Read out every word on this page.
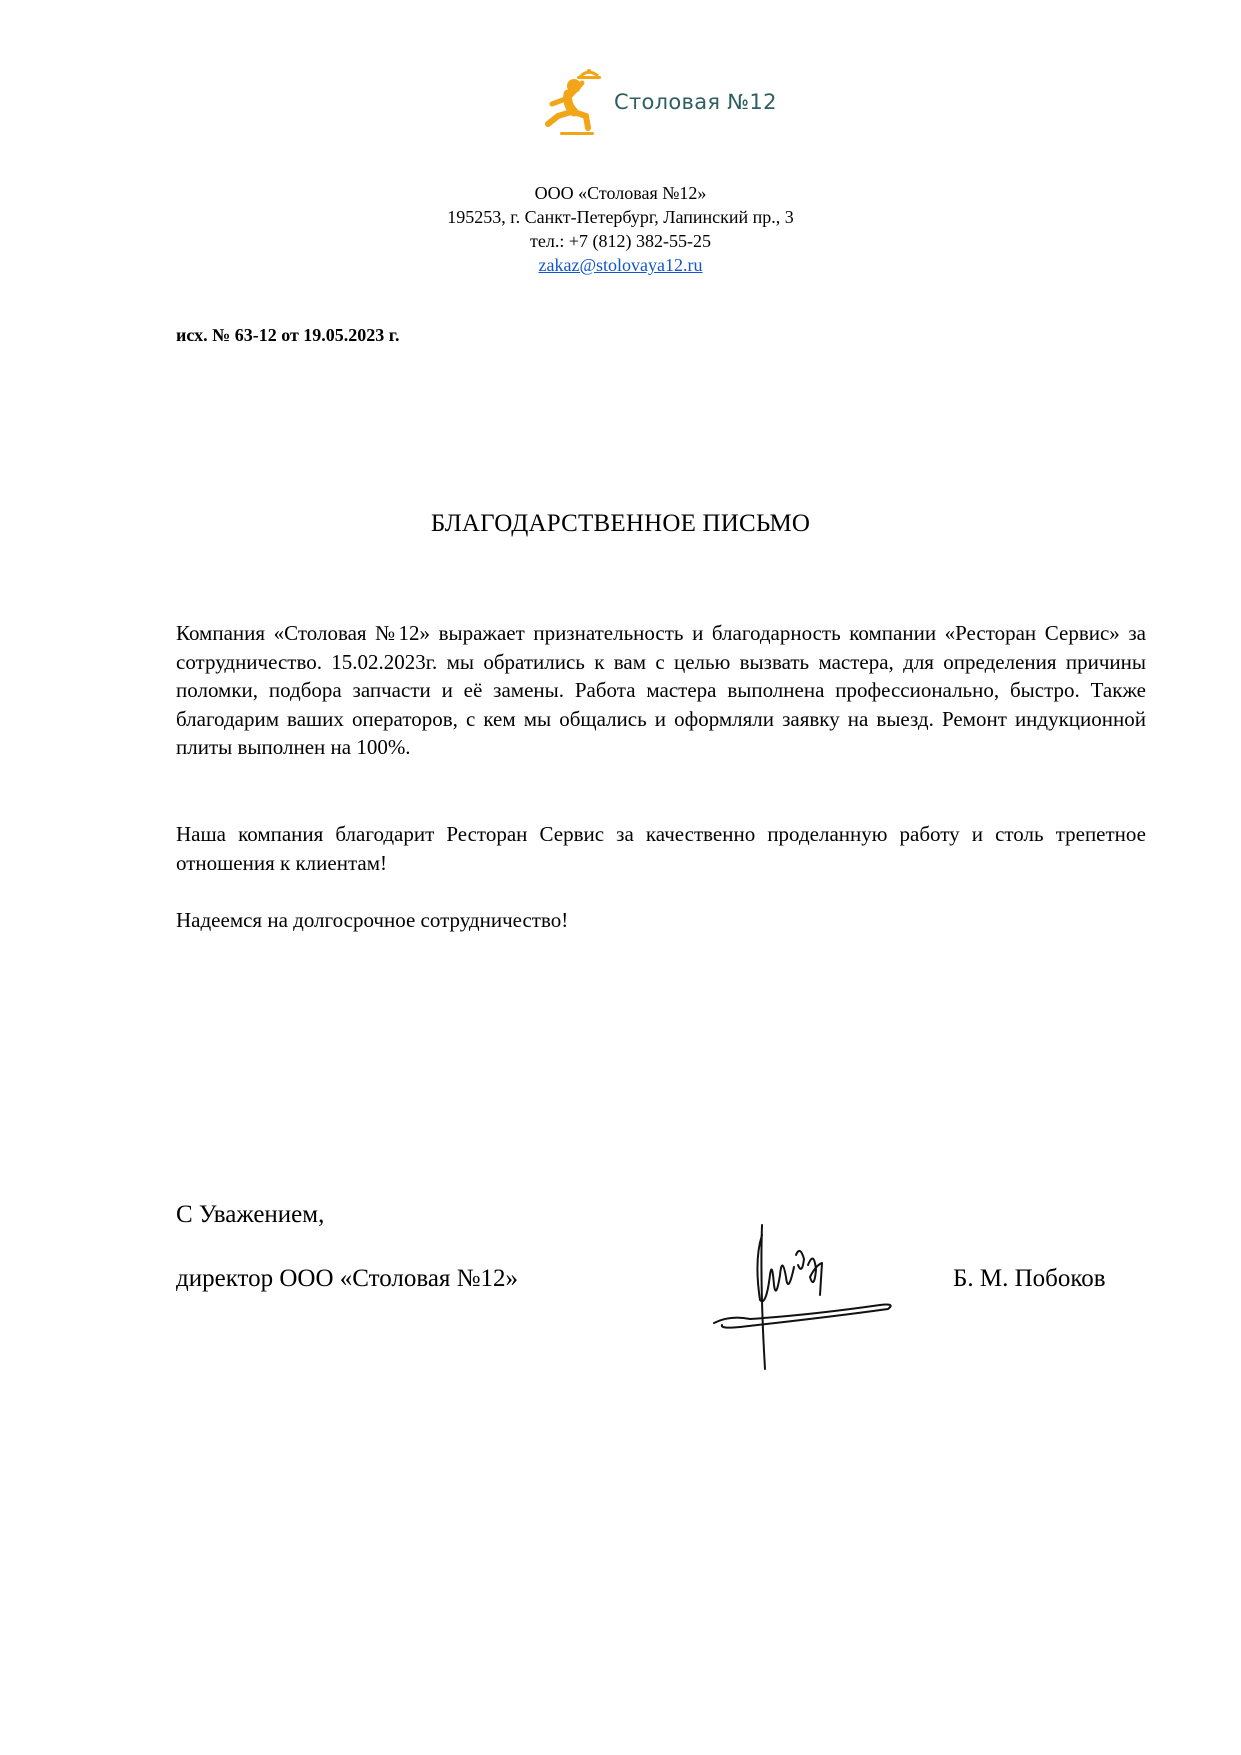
Столовая №12
ООО «Столовая №12»
195253, г. Санкт-Петербург, Лапинский пр., 3
тел.: +7 (812) 382-55-25
zakaz@stolovaya12.ru
исх. № 63-12 от 19.05.2023 г.
БЛАГОДАРСТВЕННОЕ ПИСЬМО

Компания «Столовая №12» выражает признательность и благодарность компании «Ресторан Сервис» за сотрудничество. 15.02.2023г. мы обратились к вам с целью вызвать мастера, для определения причины поломки, подбора запчасти и её замены. Работа мастера выполнена профессионально, быстро. Также благодарим ваших операторов, с кем мы общались и оформляли заявку на выезд. Ремонт индукционной плиты выполнен на 100%.

Наша компания благодарит Ресторан Сервис за качественно проделанную работу и столь трепетное отношения к клиентам!

Надеемся на долгосрочное сотрудничество!

С Уважением,
директор ООО «Столовая №12»	Б. М. Побоков
